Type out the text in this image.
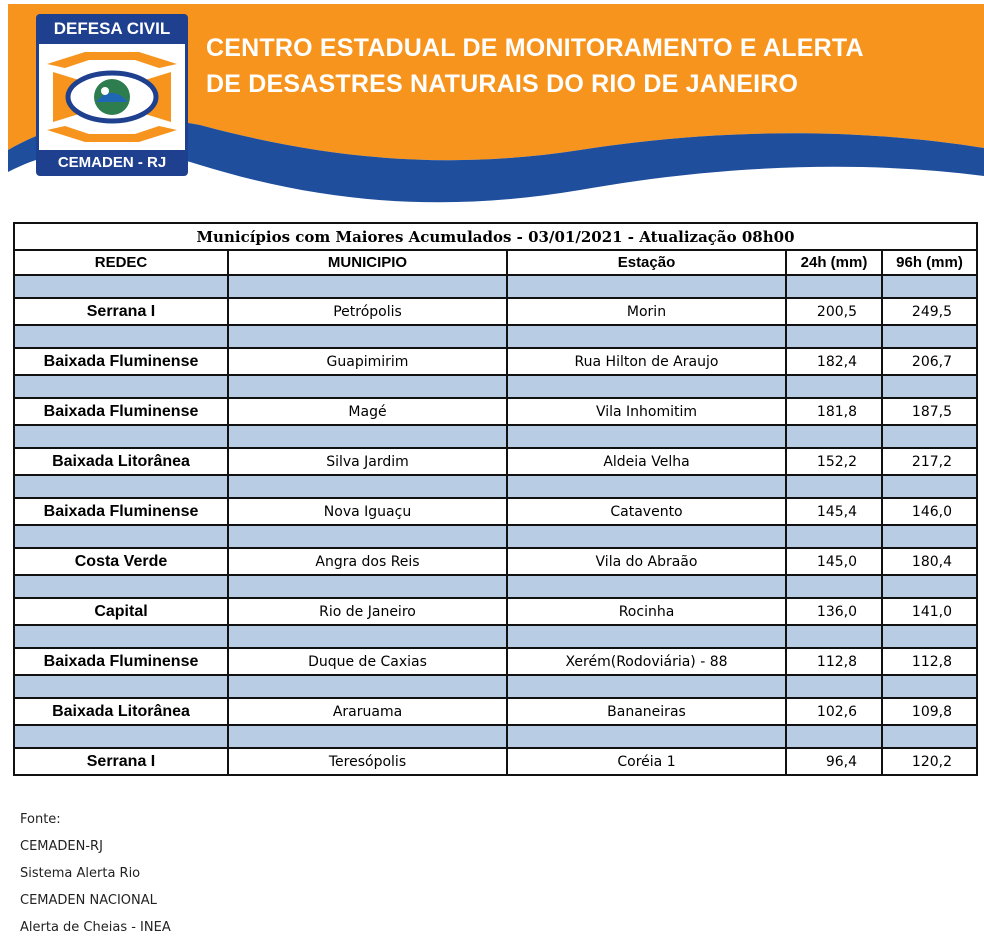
DEFESA CIVIL
CEMADEN - RJ
CENTRO ESTADUAL DE MONITORAMENTO E ALERTA
DE DESASTRES NATURAIS DO RIO DE JANEIRO
Municípios com Maiores Acumulados - 03/01/2021 - Atualização 08h00				
REDEC	MUNICIPIO	Estação	24h (mm)	96h (mm)

Serrana I	Petrópolis	Morin	200,5	249,5

Baixada Fluminense	Guapimirim	Rua Hilton de Araujo	182,4	206,7

Baixada Fluminense	Magé	Vila Inhomitim	181,8	187,5

Baixada Litorânea	Silva Jardim	Aldeia Velha	152,2	217,2

Baixada Fluminense	Nova Iguaçu	Catavento	145,4	146,0

Costa Verde	Angra dos Reis	Vila do Abraão	145,0	180,4

Capital	Rio de Janeiro	Rocinha	136,0	141,0

Baixada Fluminense	Duque de Caxias	Xerém(Rodoviária) - 88	112,8	112,8

Baixada Litorânea	Araruama	Bananeiras	102,6	109,8

Serrana I	Teresópolis	Coréia 1	96,4	120,2
Fonte:
CEMADEN-RJ
Sistema Alerta Rio
CEMADEN NACIONAL
Alerta de Cheias - INEA
